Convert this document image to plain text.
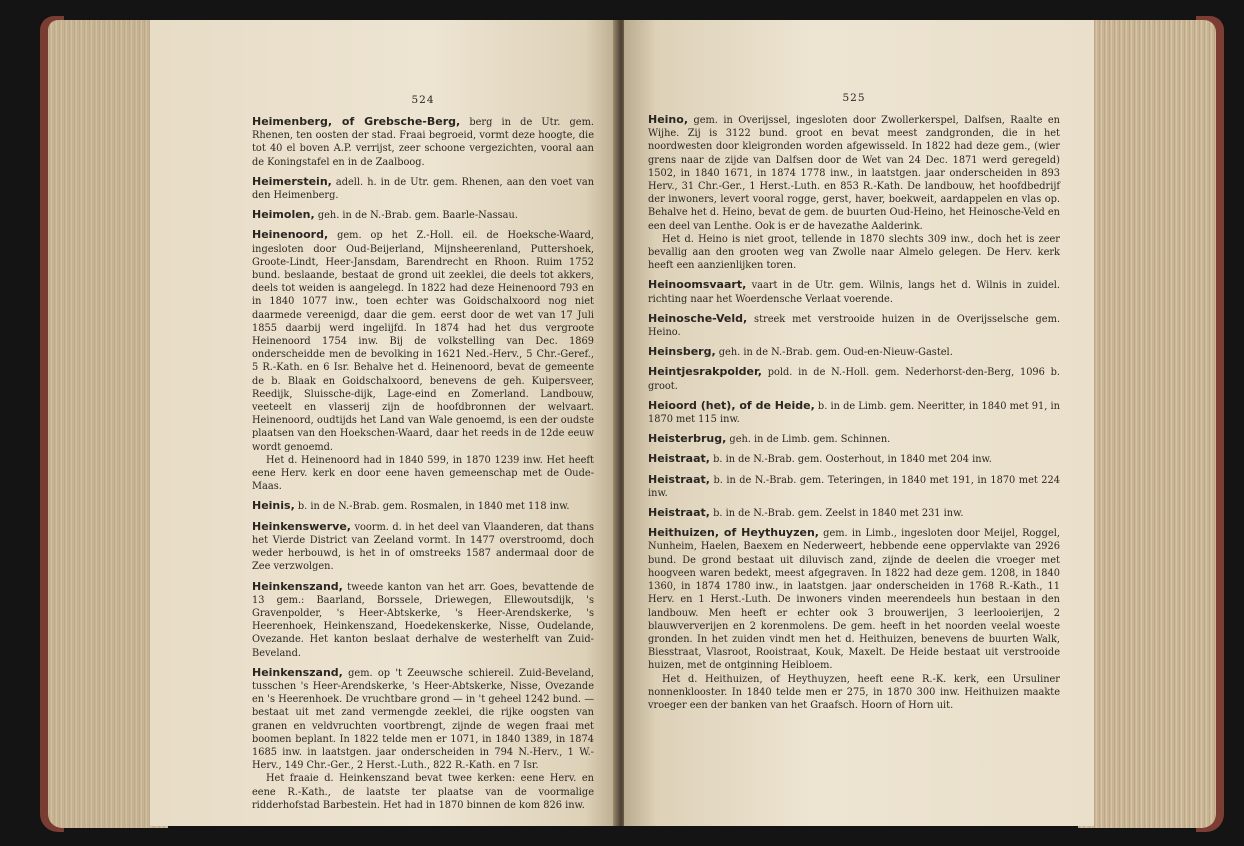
524

Heimenberg, of Grebsche-Berg, berg in de Utr. gem. Rhenen, ten oosten der stad. Fraai begroeid, vormt deze hoogte, die tot 40 el boven A.P. verrijst, zeer schoone vergezichten, vooral aan de Koningstafel en in de Zaalboog.

Heimerstein, adell. h. in de Utr. gem. Rhenen, aan den voet van den Heimenberg.

Heimolen, geh. in de N.-Brab. gem. Baarle-Nassau.

Heinenoord, gem. op het Z.-Holl. eil. de Hoeksche-Waard, ingesloten door Oud-Beijerland, Mijnsheerenland, Puttershoek, Groote-Lindt, Heer-Jansdam, Barendrecht en Rhoon. Ruim 1752 bund. beslaande, bestaat de grond uit zeeklei, die deels tot akkers, deels tot weiden is aangelegd. In 1822 had deze Heinenoord 793 en in 1840 1077 inw., toen echter was Goidschalxoord nog niet daarmede vereenigd, daar die gem. eerst door de wet van 17 Juli 1855 daarbij werd ingelijfd. In 1874 had het dus vergroote Heinenoord 1754 inw. Bij de volkstelling van Dec. 1869 onderscheidde men de bevolking in 1621 Ned.-Herv., 5 Chr.-Geref., 5 R.-Kath. en 6 Isr. Behalve het d. Heinenoord, bevat de gemeente de b. Blaak en Goidschalxoord, benevens de geh. Kuipersveer, Reedijk, Sluissche-dijk, Lage-eind en Zomerland. Landbouw, veeteelt en vlasserij zijn de hoofdbronnen der welvaart. Heinenoord, oudtijds het Land van Wale genoemd, is een der oudste plaatsen van den Hoekschen-Waard, daar het reeds in de 12de eeuw wordt genoemd.

Het d. Heinenoord had in 1840 599, in 1870 1239 inw. Het heeft eene Herv. kerk en door eene haven gemeenschap met de Oude-Maas.

Heinis, b. in de N.-Brab. gem. Rosmalen, in 1840 met 118 inw.

Heinkenswerve, voorm. d. in het deel van Vlaanderen, dat thans het Vierde District van Zeeland vormt. In 1477 overstroomd, doch weder herbouwd, is het in of omstreeks 1587 andermaal door de Zee verzwolgen.

Heinkenszand, tweede kanton van het arr. Goes, bevattende de 13 gem.: Baarland, Borssele, Driewegen, Ellewoutsdijk, 's Gravenpolder, 's Heer-Abtskerke, 's Heer-Arendskerke, 's Heerenhoek, Heinkenszand, Hoedekenskerke, Nisse, Oudelande, Ovezande. Het kanton beslaat derhalve de westerhelft van Zuid-Beveland.

Heinkenszand, gem. op 't Zeeuwsche schiereil. Zuid-Beveland, tusschen 's Heer-Arendskerke, 's Heer-Abtskerke, Nisse, Ovezande en 's Heerenhoek. De vruchtbare grond — in 't geheel 1242 bund. — bestaat uit met zand vermengde zeeklei, die rijke oogsten van granen en veldvruchten voortbrengt, zijnde de wegen fraai met boomen beplant. In 1822 telde men er 1071, in 1840 1389, in 1874 1685 inw. in laatstgen. jaar onderscheiden in 794 N.-Herv., 1 W.-Herv., 149 Chr.-Ger., 2 Herst.-Luth., 822 R.-Kath. en 7 Isr.

Het fraaie d. Heinkenszand bevat twee kerken: eene Herv. en eene R.-Kath., de laatste ter plaatse van de voormalige ridderhofstad Barbestein. Het had in 1870 binnen de kom 826 inw.

525

Heino, gem. in Overijssel, ingesloten door Zwollerkerspel, Dalfsen, Raalte en Wijhe. Zij is 3122 bund. groot en bevat meest zandgronden, die in het noordwesten door kleigronden worden afgewisseld. In 1822 had deze gem., (wier grens naar de zijde van Dalfsen door de Wet van 24 Dec. 1871 werd geregeld) 1502, in 1840 1671, in 1874 1778 inw., in laatstgen. jaar onderscheiden in 893 Herv., 31 Chr.-Ger., 1 Herst.-Luth. en 853 R.-Kath. De landbouw, het hoofdbedrijf der inwoners, levert vooral rogge, gerst, haver, boekweit, aardappelen en vlas op. Behalve het d. Heino, bevat de gem. de buurten Oud-Heino, het Heinosche-Veld en een deel van Lenthe. Ook is er de havezathe Aalderink.

Het d. Heino is niet groot, tellende in 1870 slechts 309 inw., doch het is zeer bevallig aan den grooten weg van Zwolle naar Almelo gelegen. De Herv. kerk heeft een aanzienlijken toren.

Heinoomsvaart, vaart in de Utr. gem. Wilnis, langs het d. Wilnis in zuidel. richting naar het Woerdensche Verlaat voerende.

Heinosche-Veld, streek met verstrooide huizen in de Overijsselsche gem. Heino.

Heinsberg, geh. in de N.-Brab. gem. Oud-en-Nieuw-Gastel.

Heintjesrakpolder, pold. in de N.-Holl. gem. Nederhorst-den-Berg, 1096 b. groot.

Heioord (het), of de Heide, b. in de Limb. gem. Neeritter, in 1840 met 91, in 1870 met 115 inw.

Heisterbrug, geh. in de Limb. gem. Schinnen.

Heistraat, b. in de N.-Brab. gem. Oosterhout, in 1840 met 204 inw.

Heistraat, b. in de N.-Brab. gem. Teteringen, in 1840 met 191, in 1870 met 224 inw.

Heistraat, b. in de N.-Brab. gem. Zeelst in 1840 met 231 inw.

Heithuizen, of Heythuyzen, gem. in Limb., ingesloten door Meijel, Roggel, Nunheim, Haelen, Baexem en Nederweert, hebbende eene oppervlakte van 2926 bund. De grond bestaat uit diluvisch zand, zijnde de deelen die vroeger met hoogveen waren bedekt, meest afgegraven. In 1822 had deze gem. 1208, in 1840 1360, in 1874 1780 inw., in laatstgen. jaar onderscheiden in 1768 R.-Kath., 11 Herv. en 1 Herst.-Luth. De inwoners vinden meerendeels hun bestaan in den landbouw. Men heeft er echter ook 3 brouwerijen, 3 leerlooierijen, 2 blauwververijen en 2 korenmolens. De gem. heeft in het noorden veelal woeste gronden. In het zuiden vindt men het d. Heithuizen, benevens de buurten Walk, Biesstraat, Vlasroot, Rooistraat, Kouk, Maxelt. De Heide bestaat uit verstrooide huizen, met de ontginning Heibloem.

Het d. Heithuizen, of Heythuyzen, heeft eene R.-K. kerk, een Ursuliner nonnenklooster. In 1840 telde men er 275, in 1870 300 inw. Heithuizen maakte vroeger een der banken van het Graafsch. Hoorn of Horn uit.
